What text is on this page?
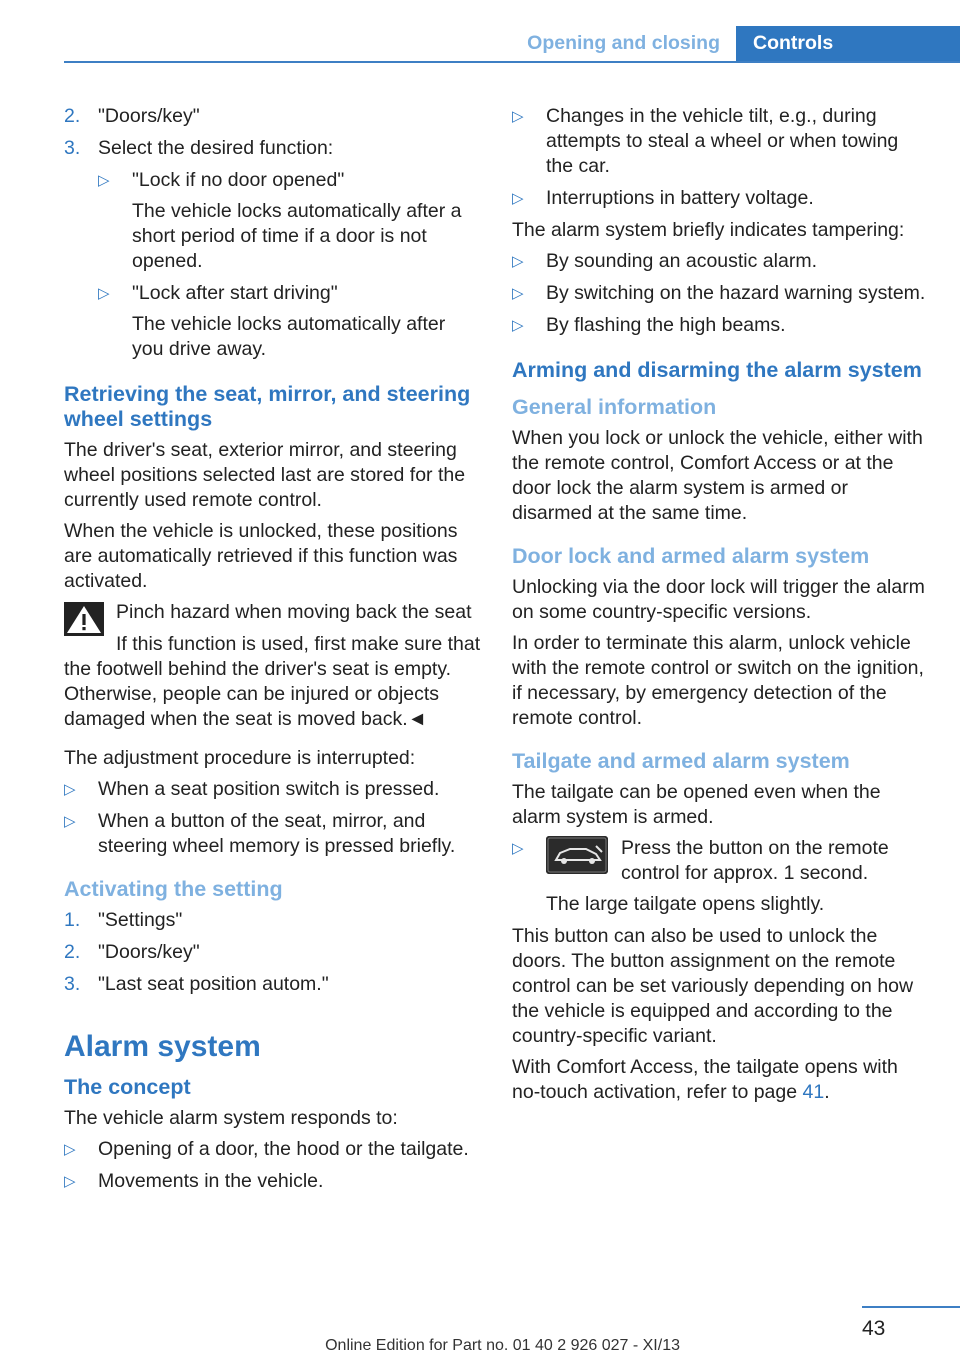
Opening and closing	Controls
2. "Doors/key"
3. Select the desired function:
▷ "Lock if no door opened"
The vehicle locks automatically after a short period of time if a door is not opened.
▷ "Lock after start driving"
The vehicle locks automatically after you drive away.
Retrieving the seat, mirror, and steering wheel settings

The driver's seat, exterior mirror, and steering wheel positions selected last are stored for the currently used remote control.

When the vehicle is unlocked, these positions are automatically retrieved if this function was activated.

Pinch hazard when moving back the seat
If this function is used, first make sure that the footwell behind the driver's seat is empty. Otherwise, people can be injured or objects damaged when the seat is moved back.◄

The adjustment procedure is interrupted:

▷ When a seat position switch is pressed.
▷ When a button of the seat, mirror, and steering wheel memory is pressed briefly.
Activating the setting
1. "Settings"
2. "Doors/key"
3. "Last seat position autom."
Alarm system
The concept

The vehicle alarm system responds to:

▷ Opening of a door, the hood or the tailgate.
▷ Movements in the vehicle.
▷ Changes in the vehicle tilt, e.g., during attempts to steal a wheel or when towing the car.
▷ Interruptions in battery voltage.

The alarm system briefly indicates tampering:

▷ By sounding an acoustic alarm.
▷ By switching on the hazard warning system.
▷ By flashing the high beams.
Arming and disarming the alarm system
General information

When you lock or unlock the vehicle, either with the remote control, Comfort Access or at the door lock the alarm system is armed or disarmed at the same time.

Door lock and armed alarm system

Unlocking via the door lock will trigger the alarm on some country-specific versions.

In order to terminate this alarm, unlock vehicle with the remote control or switch on the ignition, if necessary, by emergency detection of the remote control.

Tailgate and armed alarm system

The tailgate can be opened even when the alarm system is armed.

▷	Press the button on the remote control for approx. 1 second.
The large tailgate opens slightly.

This button can also be used to unlock the doors. The button assignment on the remote control can be set variously depending on how the vehicle is equipped and according to the country-specific variant.

With Comfort Access, the tailgate opens with no-touch activation, refer to page 41.

43
Online Edition for Part no. 01 40 2 926 027 - XI/13
